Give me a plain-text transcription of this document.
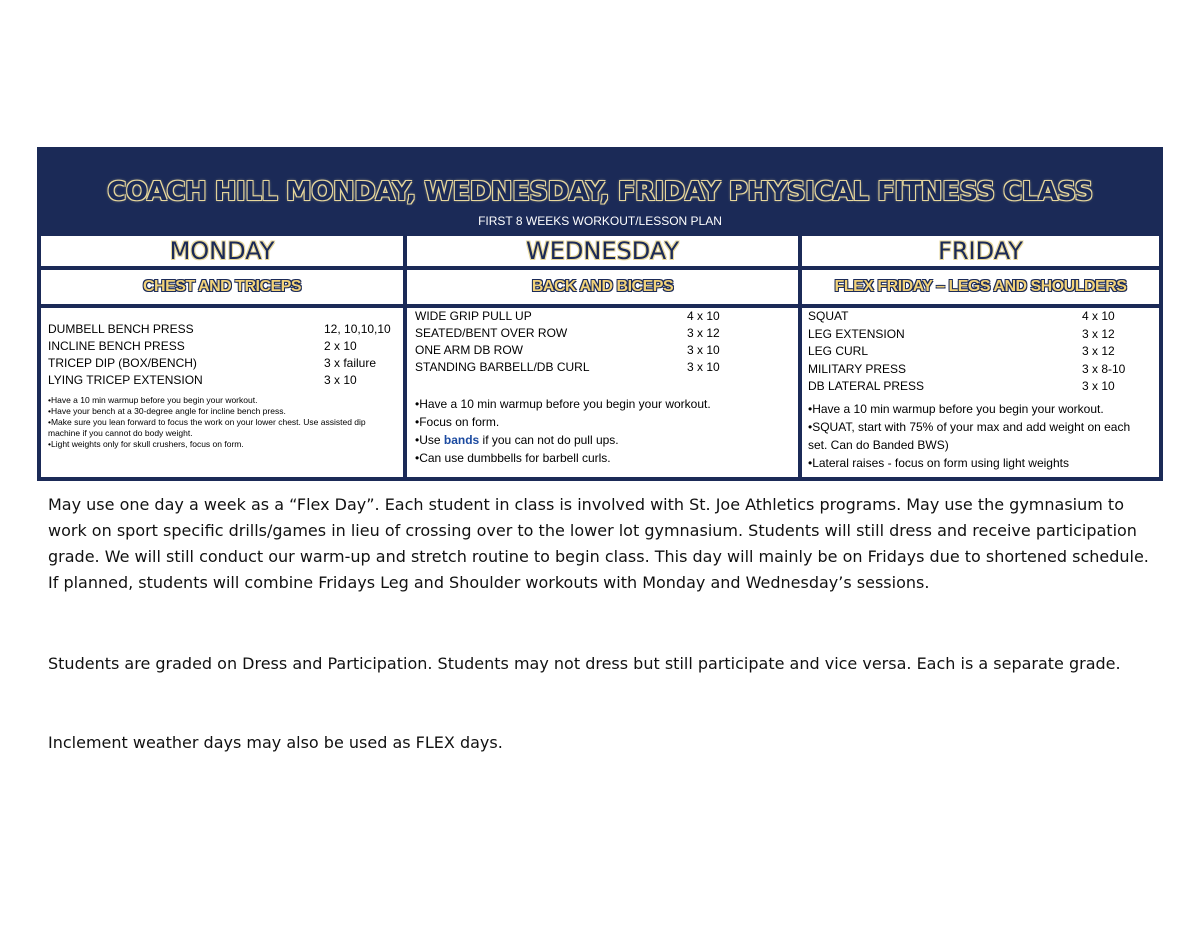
COACH HILL MONDAY, WEDNESDAY, FRIDAY PHYSICAL FITNESS CLASS
FIRST 8 WEEKS WORKOUT/LESSON PLAN
MONDAY	WEDNESDAY	FRIDAY
CHEST AND TRICEPS	BACK AND BICEPS	FLEX FRIDAY – LEGS AND SHOULDERS
DUMBELL BENCH PRESS	12, 10,10,10
INCLINE BENCH PRESS	2 x 10
TRICEP DIP (BOX/BENCH)	3 x failure
LYING TRICEP EXTENSION	3 x 10
•Have a 10 min warmup before you begin your workout.
•Have your bench at a 30-degree angle for incline bench press.
•Make sure you lean forward to focus the work on your lower chest. Use assisted dip
machine if you cannot do body weight.
•Light weights only for skull crushers, focus on form.
WIDE GRIP PULL UP	4 x 10
SEATED/BENT OVER ROW	3 x 12
ONE ARM DB ROW	3 x 10
STANDING BARBELL/DB CURL	3 x 10
•Have a 10 min warmup before you begin your workout.
•Focus on form.
•Use bands if you can not do pull ups.
•Can use dumbbells for barbell curls.
SQUAT	4 x 10
LEG EXTENSION	3 x 12
LEG CURL	3 x 12
MILITARY PRESS	3 x 8-10
DB LATERAL PRESS	3 x 10
•Have a 10 min warmup before you begin your workout.
•SQUAT, start with 75% of your max and add weight on each set. Can do Banded BWS)
•Lateral raises - focus on form using light weights
May use one day a week as a “Flex Day”. Each student in class is involved with St. Joe Athletics programs. May use the gymnasium to work on sport specific drills/games in lieu of crossing over to the lower lot gymnasium. Students will still dress and receive participation grade. We will still conduct our warm-up and stretch routine to begin class. This day will mainly be on Fridays due to shortened schedule. If planned, students will combine Fridays Leg and Shoulder workouts with Monday and Wednesday’s sessions.
Students are graded on Dress and Participation. Students may not dress but still participate and vice versa. Each is a separate grade.
Inclement weather days may also be used as FLEX days.
